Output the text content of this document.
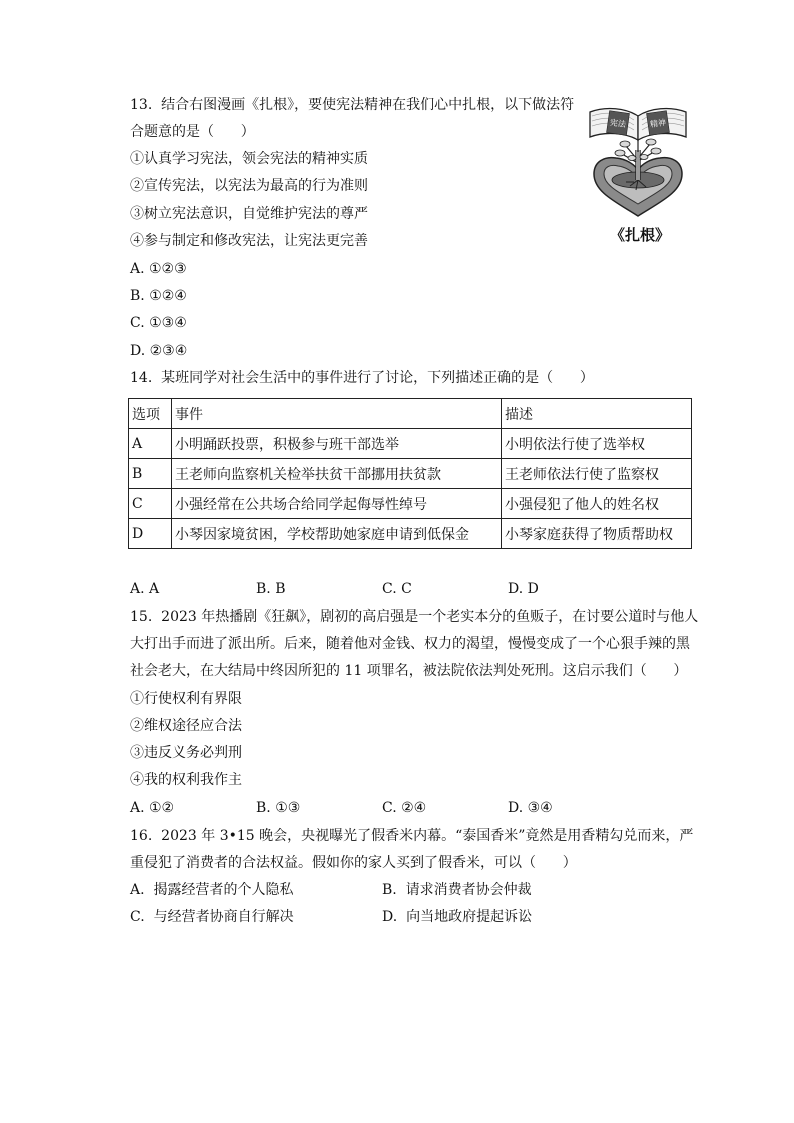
13.  结合右图漫画《扎根》，要使宪法精神在我们心中扎根，以下做法符
合题意的是（      ）
①认真学习宪法，领会宪法的精神实质
②宣传宪法，以宪法为最高的行为准则
③树立宪法意识，自觉维护宪法的尊严
④参与制定和修改宪法，让宪法更完善
A. ①②③
B. ①②④
C. ①③④
D. ②③④
宪法	精神
《扎根》
14.  某班同学对社会生活中的事件进行了讨论，下列描述正确的是（      ）
选项	事件	描述
A	小明踊跃投票，积极参与班干部选举	小明依法行使了选举权
B	王老师向监察机关检举扶贫干部挪用扶贫款	王老师依法行使了监察权
C	小强经常在公共场合给同学起侮辱性绰号	小强侵犯了他人的姓名权
D	小琴因家境贫困，学校帮助她家庭申请到低保金	小琴家庭获得了物质帮助权
A. A	B. B	C. C	D. D
15.  2023 年热播剧《狂飙》，剧初的高启强是一个老实本分的鱼贩子，在讨要公道时与他人
大打出手而进了派出所。后来，随着他对金钱、权力的渴望，慢慢变成了一个心狠手辣的黑
社会老大，在大结局中终因所犯的 11 项罪名，被法院依法判处死刑。这启示我们（      ）
①行使权利有界限
②维权途径应合法
③违反义务必判刑
④我的权利我作主
A. ①②	B. ①③	C. ②④	D. ③④
16.  2023 年 3•15 晚会，央视曝光了假香米内幕。“泰国香米”竟然是用香精勾兑而来，严
重侵犯了消费者的合法权益。假如你的家人买到了假香米，可以（      ）
A.  揭露经营者的个人隐私	B.  请求消费者协会仲裁
C.  与经营者协商自行解决	D.  向当地政府提起诉讼
